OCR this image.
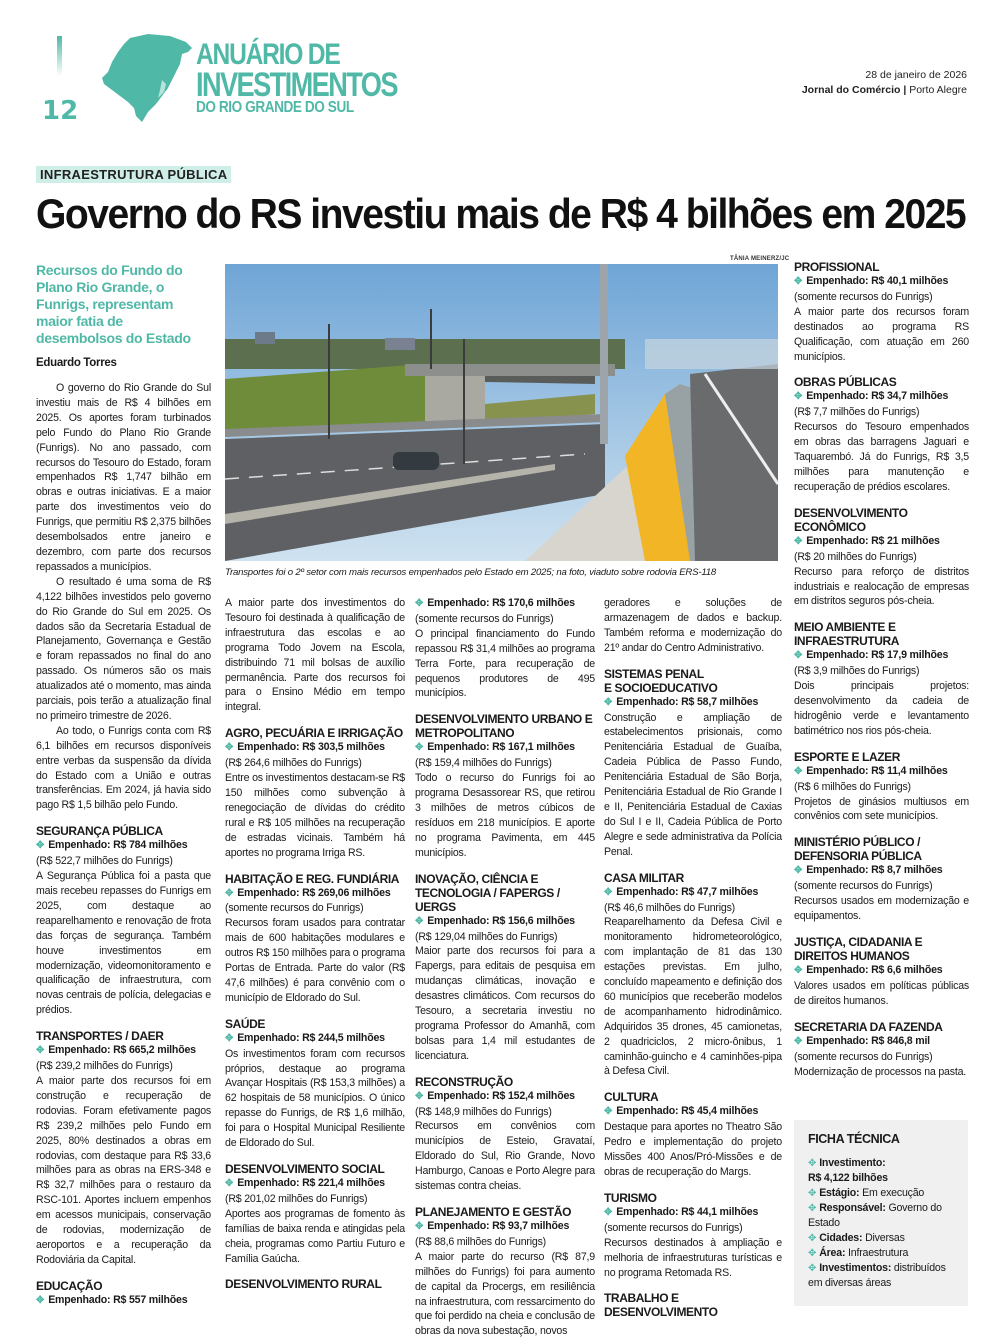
12
ANUÁRIO DE
INVESTIMENTOS
DO RIO GRANDE DO SUL
28 de janeiro de 2026
Jornal do Comércio | Porto Alegre
INFRAESTRUTURA PÚBLICA
Governo do RS investiu mais de R$ 4 bilhões em 2025
Recursos do Fundo do Plano Rio Grande, o Funrigs, representam maior fatia de desembolsos do Estado
Eduardo Torres

O governo do Rio Grande do Sul investiu mais de R$ 4 bilhões em 2025. Os aportes foram turbinados pelo Fundo do Plano Rio Grande (Funrigs). No ano passado, com recursos do Tesouro do Estado, foram empenhados R$ 1,747 bilhão em obras e outras iniciativas. E a maior parte dos investimentos veio do Funrigs, que permitiu R$ 2,375 bilhões desembolsados entre janeiro e dezembro, com parte dos recursos repassados a municípios.

O resultado é uma soma de R$ 4,122 bilhões investidos pelo governo do Rio Grande do Sul em 2025. Os dados são da Secretaria Estadual de Planejamento, Governança e Gestão e foram repassados no final do ano passado. Os números são os mais atualizados até o momento, mas ainda parciais, pois terão a atualização final no primeiro trimestre de 2026.

Ao todo, o Funrigs conta com R$ 6,1 bilhões em recursos disponíveis entre verbas da suspensão da dívida do Estado com a União e outras transferências. Em 2024, já havia sido pago R$ 1,5 bilhão pelo Fundo.

SEGURANÇA PÚBLICA
✥ Empenhado: R$ 784 milhões
(R$ 522,7 milhões do Funrigs)

A Segurança Pública foi a pasta que mais recebeu repasses do Funrigs em 2025, com destaque ao reaparelhamento e renovação de frota das forças de segurança. Também houve investimentos em modernização, videomonitoramento e qualificação de infraestrutura, com novas centrais de polícia, delegacias e prédios.

TRANSPORTES / DAER
✥ Empenhado: R$ 665,2 milhões
(R$ 239,2 milhões do Funrigs)

A maior parte dos recursos foi em construção e recuperação de rodovias. Foram efetivamente pagos R$ 239,2 milhões pelo Fundo em 2025, 80% destinados a obras em rodovias, com destaque para R$ 33,6 milhões para as obras na ERS-348 e R$ 32,7 milhões para o restauro da RSC-101. Aportes incluem empenhos em acessos municipais, conservação de rodovias, modernização de aeroportos e a recuperação da Rodoviária da Capital.

EDUCAÇÃO
✥ Empenhado: R$ 557 milhões
TÂNIA MEINERZ/JC
Transportes foi o 2º setor com mais recursos empenhados pelo Estado em 2025; na foto, viaduto sobre rodovia ERS-118

A maior parte dos investimentos do Tesouro foi destinada à qualificação de infraestrutura das escolas e ao programa Todo Jovem na Escola, distribuindo 71 mil bolsas de auxílio permanência. Parte dos recursos foi para o Ensino Médio em tempo integral.

AGRO, PECUÁRIA E IRRIGAÇÃO
✥ Empenhado: R$ 303,5 milhões
(R$ 264,6 milhões do Funrigs)

Entre os investimentos destacam-se R$ 150 milhões como subvenção à renegociação de dívidas do crédito rural e R$ 105 milhões na recuperação de estradas vicinais. Também há aportes no programa Irriga RS.

HABITAÇÃO E REG. FUNDIÁRIA
✥ Empenhado: R$ 269,06 milhões
(somente recursos do Funrigs)

Recursos foram usados para contratar mais de 600 habitações modulares e outros R$ 150 milhões para o programa Portas de Entrada. Parte do valor (R$ 47,6 milhões) é para convênio com o município de Eldorado do Sul.

SAÚDE
✥ Empenhado: R$ 244,5 milhões

Os investimentos foram com recursos próprios, destaque ao programa Avançar Hospitais (R$ 153,3 milhões) a 62 hospitais de 58 municípios. O único repasse do Funrigs, de R$ 1,6 milhão, foi para o Hospital Municipal Resiliente de Eldorado do Sul.

DESENVOLVIMENTO SOCIAL
✥ Empenhado: R$ 221,4 milhões
(R$ 201,02 milhões do Funrigs)

Aportes aos programas de fomento às famílias de baixa renda e atingidas pela cheia, programas como Partiu Futuro e Família Gaúcha.

DESENVOLVIMENTO RURAL
✥ Empenhado: R$ 170,6 milhões
(somente recursos do Funrigs)

O principal financiamento do Fundo repassou R$ 31,4 milhões ao programa Terra Forte, para recuperação de pequenos produtores de 495 municípios.

DESENVOLVIMENTO URBANO E
METROPOLITANO
✥ Empenhado: R$ 167,1 milhões
(R$ 159,4 milhões do Funrigs)

Todo o recurso do Funrigs foi ao programa Desassorear RS, que retirou 3 milhões de metros cúbicos de resíduos em 218 municípios. E aporte no programa Pavimenta, em 445 municípios.

INOVAÇÃO, CIÊNCIA E
TECNOLOGIA / FAPERGS / UERGS
✥ Empenhado: R$ 156,6 milhões
(R$ 129,04 milhões do Funrigs)

Maior parte dos recursos foi para a Fapergs, para editais de pesquisa em mudanças climáticas, inovação e desastres climáticos. Com recursos do Tesouro, a secretaria investiu no programa Professor do Amanhã, com bolsas para 1,4 mil estudantes de licenciatura.

RECONSTRUÇÃO
✥ Empenhado: R$ 152,4 milhões
(R$ 148,9 milhões do Funrigs)

Recursos em convênios com municípios de Esteio, Gravataí, Eldorado do Sul, Rio Grande, Novo Hamburgo, Canoas e Porto Alegre para sistemas contra cheias.

PLANEJAMENTO E GESTÃO
✥ Empenhado: R$ 93,7 milhões
(R$ 88,6 milhões do Funrigs)

A maior parte do recurso (R$ 87,9 milhões do Funrigs) foi para aumento de capital da Procergs, em resiliência na infraestrutura, com ressarcimento do que foi perdido na cheia e conclusão de obras da nova subestação, novos

geradores e soluções de armazenagem de dados e backup. Também reforma e modernização do 21º andar do Centro Administrativo.

SISTEMAS PENAL
E SOCIOEDUCATIVO
✥ Empenhado: R$ 58,7 milhões

Construção e ampliação de estabelecimentos prisionais, como Penitenciária Estadual de Guaíba, Cadeia Pública de Passo Fundo, Penitenciária Estadual de São Borja, Penitenciária Estadual de Rio Grande I e II, Penitenciária Estadual de Caxias do Sul I e II, Cadeia Pública de Porto Alegre e sede administrativa da Polícia Penal.

CASA MILITAR
✥ Empenhado: R$ 47,7 milhões
(R$ 46,6 milhões do Funrigs)

Reaparelhamento da Defesa Civil e monitoramento hidrometeorológico, com implantação de 81 das 130 estações previstas. Em julho, concluído mapeamento e definição dos 60 municípios que receberão modelos de acompanhamento hidrodinâmico. Adquiridos 35 drones, 45 camionetas, 2 quadriciclos, 2 micro-ônibus, 1 caminhão-guincho e 4 caminhões-pipa à Defesa Civil.

CULTURA
✥ Empenhado: R$ 45,4 milhões

Destaque para aportes no Theatro São Pedro e implementação do projeto Missões 400 Anos/Pró-Missões e de obras de recuperação do Margs.

TURISMO
✥ Empenhado: R$ 44,1 milhões
(somente recursos do Funrigs)

Recursos destinados à ampliação e melhoria de infraestruturas turísticas e no programa Retomada RS.

TRABALHO E DESENVOLVIMENTO
PROFISSIONAL
✥ Empenhado: R$ 40,1 milhões
(somente recursos do Funrigs)

A maior parte dos recursos foram destinados ao programa RS Qualificação, com atuação em 260 municípios.

OBRAS PÚBLICAS
✥ Empenhado: R$ 34,7 milhões
(R$ 7,7 milhões do Funrigs)

Recursos do Tesouro empenhados em obras das barragens Jaguari e Taquarembó. Já do Funrigs, R$ 3,5 milhões para manutenção e recuperação de prédios escolares.

DESENVOLVIMENTO ECONÔMICO
✥ Empenhado: R$ 21 milhões
(R$ 20 milhões do Funrigs)

Recurso para reforço de distritos industriais e realocação de empresas em distritos seguros pós-cheia.

MEIO AMBIENTE E
INFRAESTRUTURA
✥ Empenhado: R$ 17,9 milhões
(R$ 3,9 milhões do Funrigs)

Dois principais projetos: desenvolvimento da cadeia de hidrogênio verde e levantamento batimétrico nos rios pós-cheia.

ESPORTE E LAZER
✥ Empenhado: R$ 11,4 milhões
(R$ 6 milhões do Funrigs)

Projetos de ginásios multiusos em convênios com sete municípios.

MINISTÉRIO PÚBLICO /
DEFENSORIA PÚBLICA
✥ Empenhado: R$ 8,7 milhões
(somente recursos do Funrigs)

Recursos usados em modernização e equipamentos.

JUSTIÇA, CIDADANIA E
DIREITOS HUMANOS
✥ Empenhado: R$ 6,6 milhões

Valores usados em políticas públicas de direitos humanos.

SECRETARIA DA FAZENDA
✥ Empenhado: R$ 846,8 mil
(somente recursos do Funrigs)

Modernização de processos na pasta.

FICHA TÉCNICA
✥ Investimento:
R$ 4,122 bilhões
✥ Estágio: Em execução
✥ Responsável: Governo do Estado
✥ Cidades: Diversas
✥ Área: Infraestrutura
✥ Investimentos: distribuídos em diversas áreas
